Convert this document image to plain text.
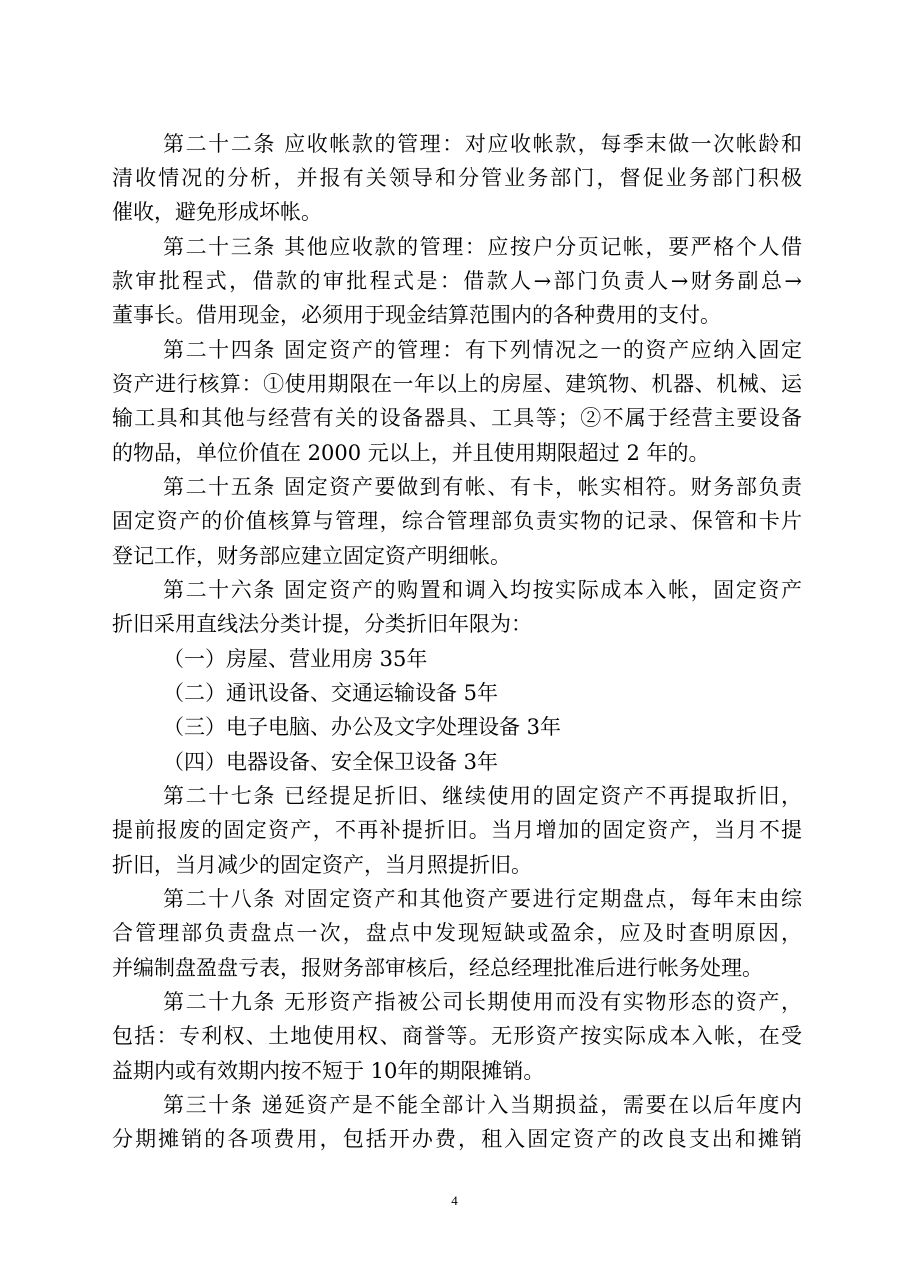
第二十二条 应收帐款的管理：对应收帐款，每季末做一次帐龄和
清收情况的分析，并报有关领导和分管业务部门，督促业务部门积极
催收，避免形成坏帐。
第二十三条 其他应收款的管理：应按户分页记帐，要严格个人借
款审批程式，借款的审批程式是：借款人→部门负责人→财务副总→
董事长。借用现金，必须用于现金结算范围内的各种费用的支付。
第二十四条 固定资产的管理：有下列情况之一的资产应纳入固定
资产进行核算：①使用期限在一年以上的房屋、建筑物、机器、机械、运
输工具和其他与经营有关的设备器具、工具等；②不属于经营主要设备
的物品，单位价值在 2000 元以上，并且使用期限超过 2 年的。
第二十五条 固定资产要做到有帐、有卡，帐实相符。财务部负责
固定资产的价值核算与管理，综合管理部负责实物的记录、保管和卡片
登记工作，财务部应建立固定资产明细帐。
第二十六条 固定资产的购置和调入均按实际成本入帐，固定资产
折旧采用直线法分类计提，分类折旧年限为：
（一）房屋、营业用房 35年
（二）通讯设备、交通运输设备 5年
（三）电子电脑、办公及文字处理设备 3年
（四）电器设备、安全保卫设备 3年
第二十七条 已经提足折旧、继续使用的固定资产不再提取折旧，
提前报废的固定资产，不再补提折旧。当月增加的固定资产，当月不提
折旧，当月减少的固定资产，当月照提折旧。
第二十八条 对固定资产和其他资产要进行定期盘点，每年末由综
合管理部负责盘点一次，盘点中发现短缺或盈余，应及时查明原因，
并编制盘盈盘亏表，报财务部审核后，经总经理批准后进行帐务处理。
第二十九条 无形资产指被公司长期使用而没有实物形态的资产，
包括：专利权、土地使用权、商誉等。无形资产按实际成本入帐，在受
益期内或有效期内按不短于 10年的期限摊销。
第三十条 递延资产是不能全部计入当期损益，需要在以后年度内
分期摊销的各项费用，包括开办费，租入固定资产的改良支出和摊销
4
